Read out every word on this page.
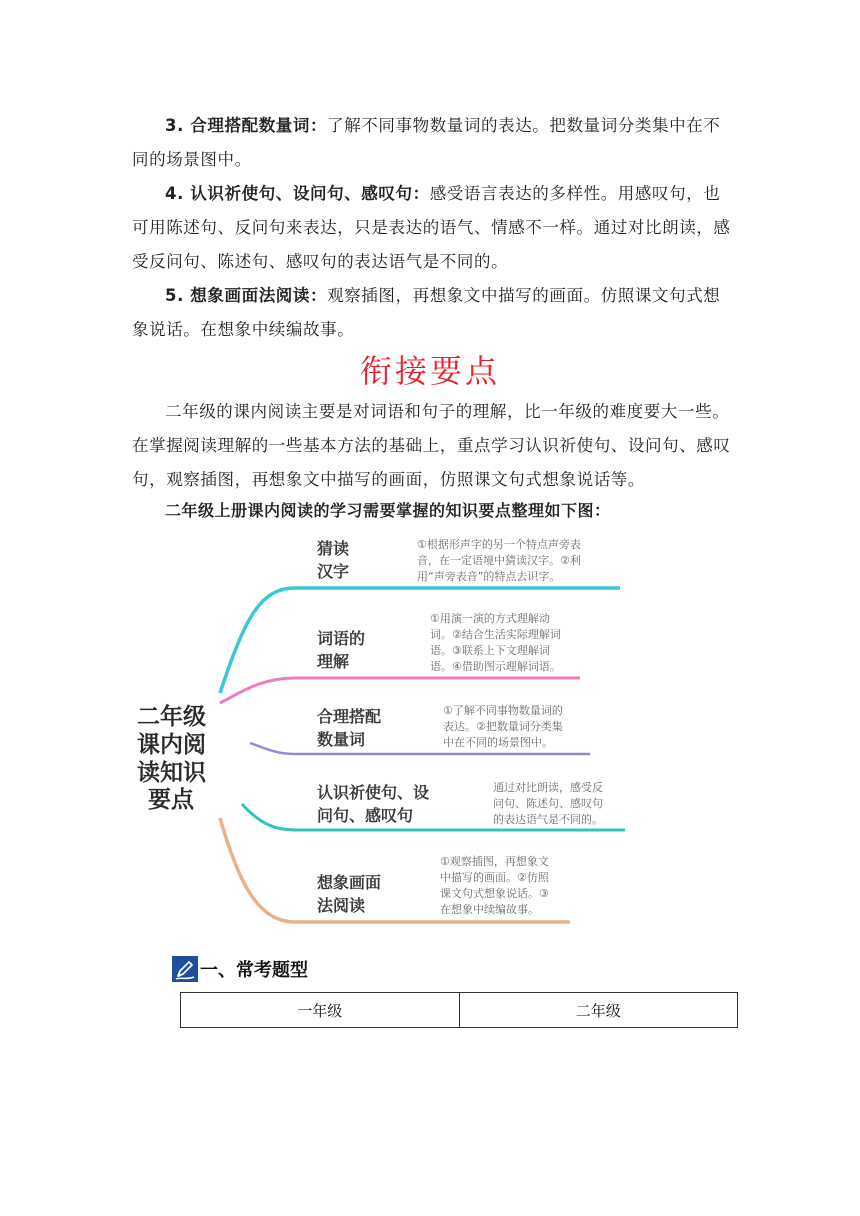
3. 合理搭配数量词：了解不同事物数量词的表达。把数量词分类集中在不同的场景图中。

4. 认识祈使句、设问句、感叹句：感受语言表达的多样性。用感叹句，也可用陈述句、反问句来表达，只是表达的语气、情感不一样。通过对比朗读，感受反问句、陈述句、感叹句的表达语气是不同的。

5. 想象画面法阅读：观察插图，再想象文中描写的画面。仿照课文句式想象说话。在想象中续编故事。

衔接要点

二年级的课内阅读主要是对词语和句子的理解，比一年级的难度要大一些。在掌握阅读理解的一些基本方法的基础上，重点学习认识祈使句、设问句、感叹句，观察插图，再想象文中描写的画面，仿照课文句式想象说话等。

二年级上册课内阅读的学习需要掌握的知识要点整理如下图：
二年级
课内阅
读知识
要点
猜读
汉字
①根据形声字的另一个特点声旁表
音，在一定语境中猜读汉字。②利
用“声旁表音”的特点去识字。
词语的
理解
①用演一演的方式理解动
词。②结合生活实际理解词
语。③联系上下文理解词
语。④借助图示理解词语。
合理搭配
数量词
①了解不同事物数量词的
表达。②把数量词分类集
中在不同的场景图中。
认识祈使句、设
问句、感叹句
通过对比朗读，感受反
问句、陈述句、感叹句
的表达语气是不同的。
想象画面
法阅读
①观察插图，再想象文
中描写的画面。②仿照
课文句式想象说话。③
在想象中续编故事。
一、常考题型
一年级	二年级
